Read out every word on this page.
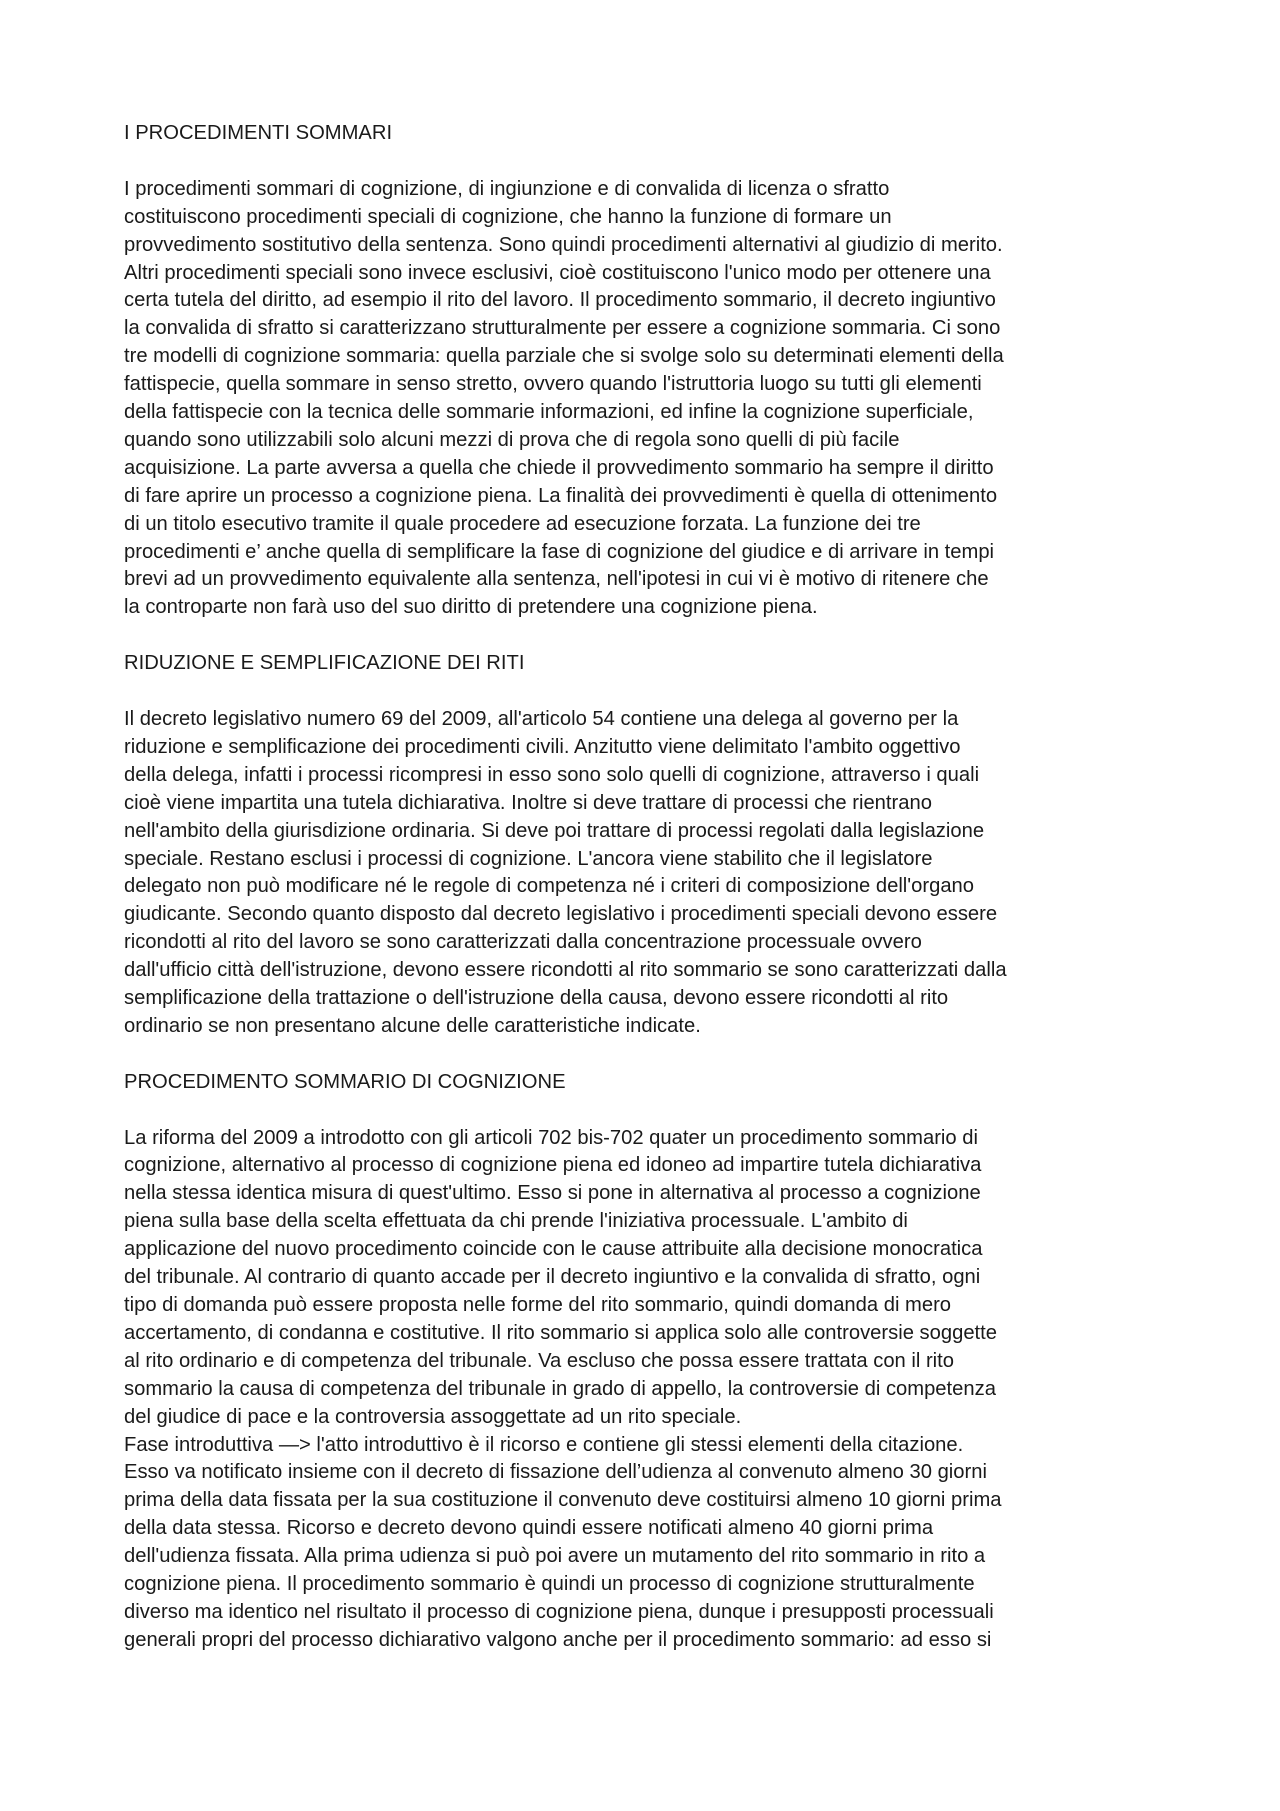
I PROCEDIMENTI SOMMARI

I procedimenti sommari di cognizione, di ingiunzione e di convalida di licenza o sfratto
costituiscono procedimenti speciali di cognizione, che hanno la funzione di formare un
provvedimento sostitutivo della sentenza. Sono quindi procedimenti alternativi al giudizio di merito.
Altri procedimenti speciali sono invece esclusivi, cioè costituiscono l'unico modo per ottenere una
certa tutela del diritto, ad esempio il rito del lavoro. Il procedimento sommario, il decreto ingiuntivo
la convalida di sfratto si caratterizzano strutturalmente per essere a cognizione sommaria. Ci sono
tre modelli di cognizione sommaria: quella parziale che si svolge solo su determinati elementi della
fattispecie, quella sommare in senso stretto, ovvero quando l'istruttoria luogo su tutti gli elementi
della fattispecie con la tecnica delle sommarie informazioni, ed infine la cognizione superficiale,
quando sono utilizzabili solo alcuni mezzi di prova che di regola sono quelli di più facile
acquisizione. La parte avversa a quella che chiede il provvedimento sommario ha sempre il diritto
di fare aprire un processo a cognizione piena. La finalità dei provvedimenti è quella di ottenimento
di un titolo esecutivo tramite il quale procedere ad esecuzione forzata. La funzione dei tre
procedimenti e’ anche quella di semplificare la fase di cognizione del giudice e di arrivare in tempi
brevi ad un provvedimento equivalente alla sentenza, nell'ipotesi in cui vi è motivo di ritenere che
la controparte non farà uso del suo diritto di pretendere una cognizione piena.

RIDUZIONE E SEMPLIFICAZIONE DEI RITI

Il decreto legislativo numero 69 del 2009, all'articolo 54 contiene una delega al governo per la
riduzione e semplificazione dei procedimenti civili. Anzitutto viene delimitato l'ambito oggettivo
della delega, infatti i processi ricompresi in esso sono solo quelli di cognizione, attraverso i quali
cioè viene impartita una tutela dichiarativa. Inoltre si deve trattare di processi che rientrano
nell'ambito della giurisdizione ordinaria. Si deve poi trattare di processi regolati dalla legislazione
speciale. Restano esclusi i processi di cognizione. L'ancora viene stabilito che il legislatore
delegato non può modificare né le regole di competenza né i criteri di composizione dell'organo
giudicante. Secondo quanto disposto dal decreto legislativo i procedimenti speciali devono essere
ricondotti al rito del lavoro se sono caratterizzati dalla concentrazione processuale ovvero
dall'ufficio città dell'istruzione, devono essere ricondotti al rito sommario se sono caratterizzati dalla
semplificazione della trattazione o dell'istruzione della causa, devono essere ricondotti al rito
ordinario se non presentano alcune delle caratteristiche indicate.

PROCEDIMENTO SOMMARIO DI COGNIZIONE

La riforma del 2009 a introdotto con gli articoli 702 bis-702 quater un procedimento sommario di
cognizione, alternativo al processo di cognizione piena ed idoneo ad impartire tutela dichiarativa
nella stessa identica misura di quest'ultimo. Esso si pone in alternativa al processo a cognizione
piena sulla base della scelta effettuata da chi prende l'iniziativa processuale. L'ambito di
applicazione del nuovo procedimento coincide con le cause attribuite alla decisione monocratica
del tribunale. Al contrario di quanto accade per il decreto ingiuntivo e la convalida di sfratto, ogni
tipo di domanda può essere proposta nelle forme del rito sommario, quindi domanda di mero
accertamento, di condanna e costitutive. Il rito sommario si applica solo alle controversie soggette
al rito ordinario e di competenza del tribunale. Va escluso che possa essere trattata con il rito
sommario la causa di competenza del tribunale in grado di appello, la controversie di competenza
del giudice di pace e la controversia assoggettate ad un rito speciale.
Fase introduttiva —> l'atto introduttivo è il ricorso e contiene gli stessi elementi della citazione.
Esso va notificato insieme con il decreto di fissazione dell’udienza al convenuto almeno 30 giorni
prima della data fissata per la sua costituzione il convenuto deve costituirsi almeno 10 giorni prima
della data stessa. Ricorso e decreto devono quindi essere notificati almeno 40 giorni prima
dell'udienza fissata. Alla prima udienza si può poi avere un mutamento del rito sommario in rito a
cognizione piena. Il procedimento sommario è quindi un processo di cognizione strutturalmente
diverso ma identico nel risultato il processo di cognizione piena, dunque i presupposti processuali
generali propri del processo dichiarativo valgono anche per il procedimento sommario: ad esso si
